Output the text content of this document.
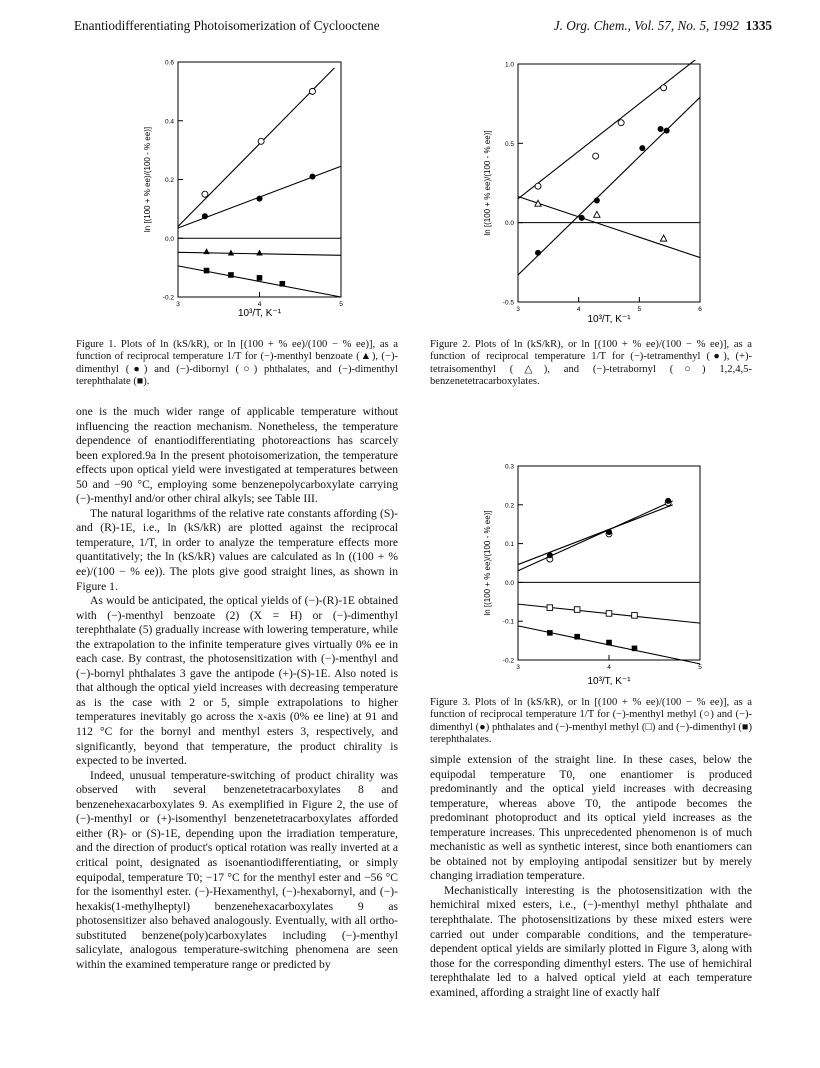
Enantiodifferentiating Photoisomerization of Cyclooctene	J. Org. Chem., Vol. 57, No. 5, 1992 1335
-0.2
0.0
0.2
0.4
0.6
3	4	5
10³/T, K⁻¹
ln [(100 + % ee)/(100 - % ee)]
-0.5
0.0
0.5
1.0
3	4	5	6
10³/T, K⁻¹
ln [(100 + % ee)/(100 - % ee)]
-0.2
-0.1
0.0
0.1
0.2
0.3
3	4	5
10³/T, K⁻¹
ln [(100 + % ee)/(100 - % ee)]
Figure 1. Plots of ln (kS/kR), or ln [(100 + % ee)/(100 − % ee)], as a function of reciprocal temperature 1/T for (−)-menthyl benzoate (▲), (−)-dimenthyl (●) and (−)-dibornyl (○) phthalates, and (−)-dimenthyl terephthalate (■).
Figure 2. Plots of ln (kS/kR), or ln [(100 + % ee)/(100 − % ee)], as a function of reciprocal temperature 1/T for (−)-tetramenthyl (●), (+)-tetraisomenthyl (△), and (−)-tetrabornyl (○) 1,2,4,5-benzenetetracarboxylates.
Figure 3. Plots of ln (kS/kR), or ln [(100 + % ee)/(100 − % ee)], as a function of reciprocal temperature 1/T for (−)-menthyl methyl (○) and (−)-dimenthyl (●) phthalates and (−)-menthyl methyl (□) and (−)-dimenthyl (■) terephthalates.

one is the much wider range of applicable temperature without influencing the reaction mechanism. Nonetheless, the temperature dependence of enantiodifferentiating photoreactions has scarcely been explored.9a In the present photoisomerization, the temperature effects upon optical yield were investigated at temperatures between 50 and −90 °C, employing some benzenepolycarboxylate carrying (−)-menthyl and/or other chiral alkyls; see Table III.

The natural logarithms of the relative rate constants affording (S)- and (R)-1E, i.e., ln (kS/kR) are plotted against the reciprocal temperature, 1/T, in order to analyze the temperature effects more quantitatively; the ln (kS/kR) values are calculated as ln ((100 + % ee)/(100 − % ee)). The plots give good straight lines, as shown in Figure 1.

As would be anticipated, the optical yields of (−)-(R)-1E obtained with (−)-menthyl benzoate (2) (X = H) or (−)-dimenthyl terephthalate (5) gradually increase with lowering temperature, while the extrapolation to the infinite temperature gives virtually 0% ee in each case. By contrast, the photosensitization with (−)-menthyl and (−)-bornyl phthalates 3 gave the antipode (+)-(S)-1E. Also noted is that although the optical yield increases with decreasing temperature as is the case with 2 or 5, simple extrapolations to higher temperatures inevitably go across the x-axis (0% ee line) at 91 and 112 °C for the bornyl and menthyl esters 3, respectively, and significantly, beyond that temperature, the product chirality is expected to be inverted.

Indeed, unusual temperature-switching of product chirality was observed with several benzenetetracarboxylates 8 and benzenehexacarboxylates 9. As exemplified in Figure 2, the use of (−)-menthyl or (+)-isomenthyl benzenetetracarboxylates afforded either (R)- or (S)-1E, depending upon the irradiation temperature, and the direction of product's optical rotation was really inverted at a critical point, designated as isoenantiodifferentiating, or simply equipodal, temperature T0; −17 °C for the menthyl ester and −56 °C for the isomenthyl ester. (−)-Hexamenthyl, (−)-hexabornyl, and (−)-hexakis(1-methylheptyl) benzenehexacarboxylates 9 as photosensitizer also behaved analogously. Eventually, with all ortho-substituted benzene(poly)carboxylates including (−)-menthyl salicylate, analogous temperature-switching phenomena are seen within the examined temperature range or predicted by

simple extension of the straight line. In these cases, below the equipodal temperature T0, one enantiomer is produced predominantly and the optical yield increases with decreasing temperature, whereas above T0, the antipode becomes the predominant photoproduct and its optical yield increases as the temperature increases. This unprecedented phenomenon is of much mechanistic as well as synthetic interest, since both enantiomers can be obtained not by employing antipodal sensitizer but by merely changing irradiation temperature.

Mechanistically interesting is the photosensitization with the hemichiral mixed esters, i.e., (−)-menthyl methyl phthalate and terephthalate. The photosensitizations by these mixed esters were carried out under comparable conditions, and the temperature-dependent optical yields are similarly plotted in Figure 3, along with those for the corresponding dimenthyl esters. The use of hemichiral terephthalate led to a halved optical yield at each temperature examined, affording a straight line of exactly half
